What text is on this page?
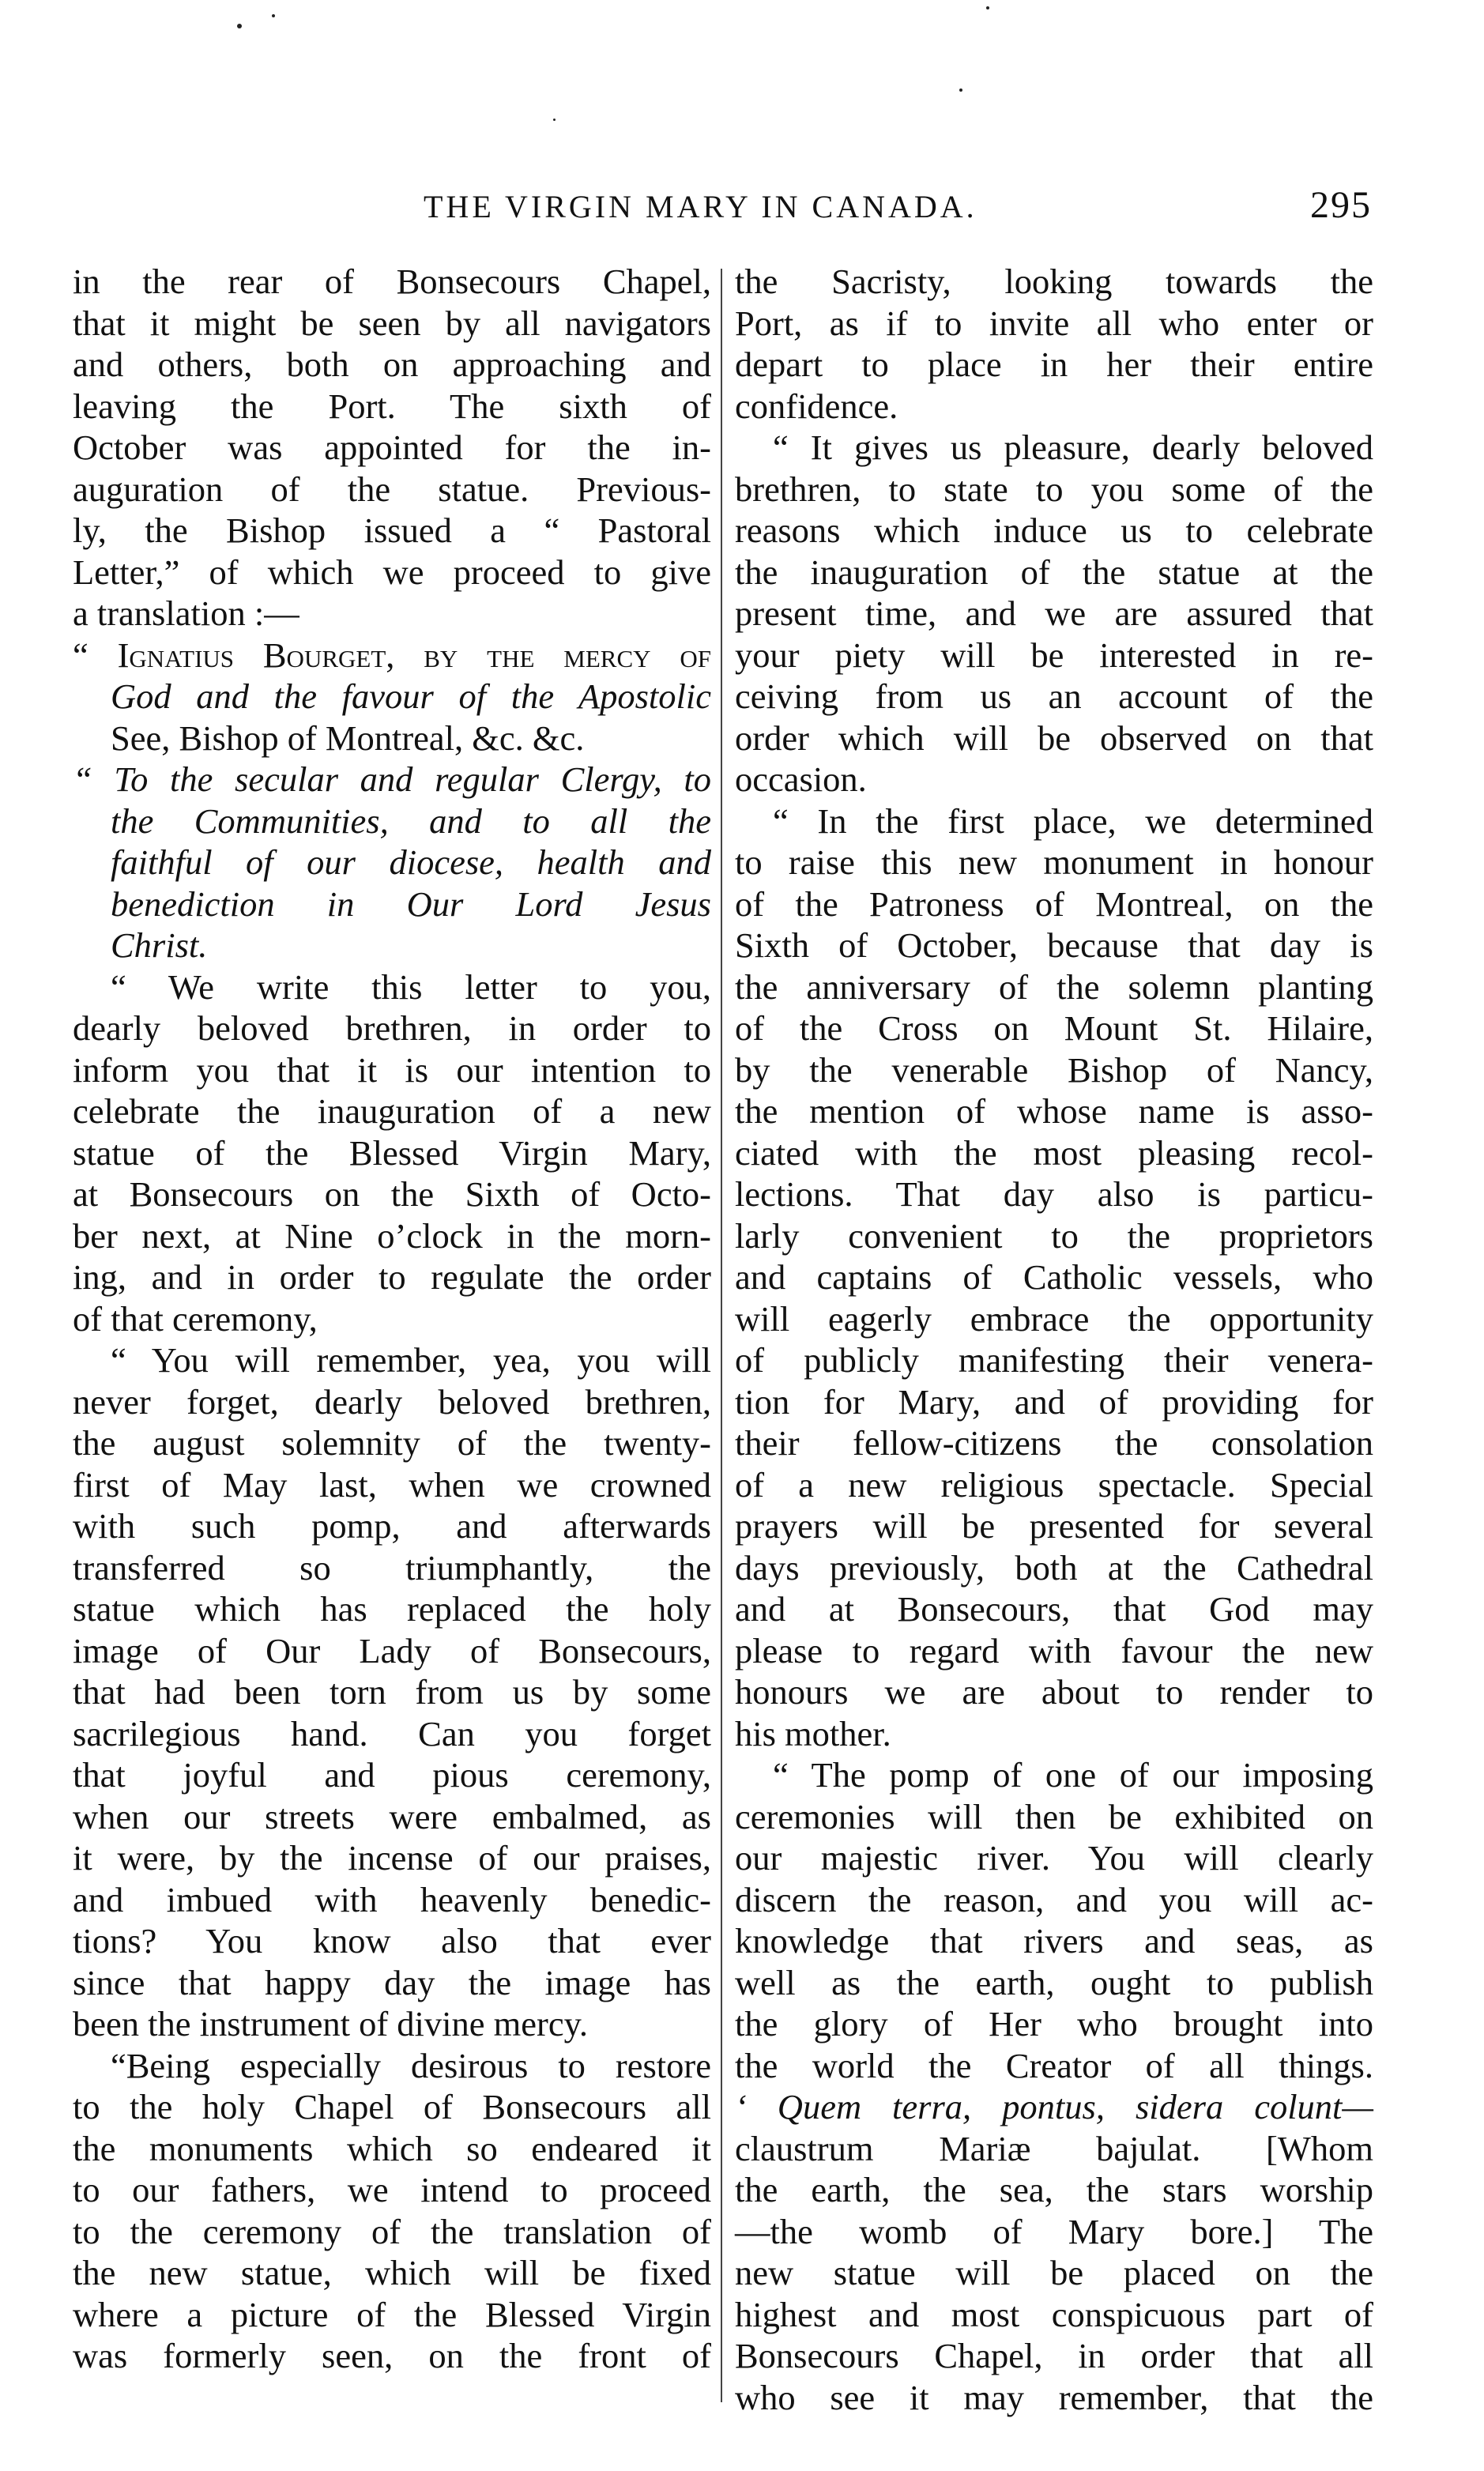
THE VIRGIN MARY IN CANADA.	295
in the rear of Bonsecours Chapel,
that it might be seen by all navigators
and others, both on approaching and
leaving the Port. The sixth of
October was appointed for the in-
auguration of the statue. Previous-
ly, the Bishop issued a “ Pastoral
Letter,” of which we proceed to give
a translation :—
“ Ignatius Bourget, by the mercy of
God and the favour of the Apostolic
See, Bishop of Montreal, &c. &c.
“ To the secular and regular Clergy, to
the Communities, and to all the
faithful of our diocese, health and
benediction in Our Lord Jesus
Christ.
“ We write this letter to you,
dearly beloved brethren, in order to
inform you that it is our intention to
celebrate the inauguration of a new
statue of the Blessed Virgin Mary,
at Bonsecours on the Sixth of Octo-
ber next, at Nine o’clock in the morn-
ing, and in order to regulate the order
of that ceremony,
“ You will remember, yea, you will
never forget, dearly beloved brethren,
the august solemnity of the twenty-
first of May last, when we crowned
with such pomp, and afterwards
transferred so triumphantly, the
statue which has replaced the holy
image of Our Lady of Bonsecours,
that had been torn from us by some
sacrilegious hand. Can you forget
that joyful and pious ceremony,
when our streets were embalmed, as
it were, by the incense of our praises,
and imbued with heavenly benedic-
tions? You know also that ever
since that happy day the image has
been the instrument of divine mercy.
“Being especially desirous to restore
to the holy Chapel of Bonsecours all
the monuments which so endeared it
to our fathers, we intend to proceed
to the ceremony of the translation of
the new statue, which will be fixed
where a picture of the Blessed Virgin
was formerly seen, on the front of
the Sacristy, looking towards the
Port, as if to invite all who enter or
depart to place in her their entire
confidence.
“ It gives us pleasure, dearly beloved
brethren, to state to you some of the
reasons which induce us to celebrate
the inauguration of the statue at the
present time, and we are assured that
your piety will be interested in re-
ceiving from us an account of the
order which will be observed on that
occasion.
“ In the first place, we determined
to raise this new monument in honour
of the Patroness of Montreal, on the
Sixth of October, because that day is
the anniversary of the solemn planting
of the Cross on Mount St. Hilaire,
by the venerable Bishop of Nancy,
the mention of whose name is asso-
ciated with the most pleasing recol-
lections. That day also is particu-
larly convenient to the proprietors
and captains of Catholic vessels, who
will eagerly embrace the opportunity
of publicly manifesting their venera-
tion for Mary, and of providing for
their fellow-citizens the consolation
of a new religious spectacle. Special
prayers will be presented for several
days previously, both at the Cathedral
and at Bonsecours, that God may
please to regard with favour the new
honours we are about to render to
his mother.
“ The pomp of one of our imposing
ceremonies will then be exhibited on
our majestic river. You will clearly
discern the reason, and you will ac-
knowledge that rivers and seas, as
well as the earth, ought to publish
the glory of Her who brought into
the world the Creator of all things.
‘ Quem terra, pontus, sidera colunt—
claustrum Mariæ bajulat. [Whom
the earth, the sea, the stars worship
—the womb of Mary bore.] The
new statue will be placed on the
highest and most conspicuous part of
Bonsecours Chapel, in order that all
who see it may remember, that the
